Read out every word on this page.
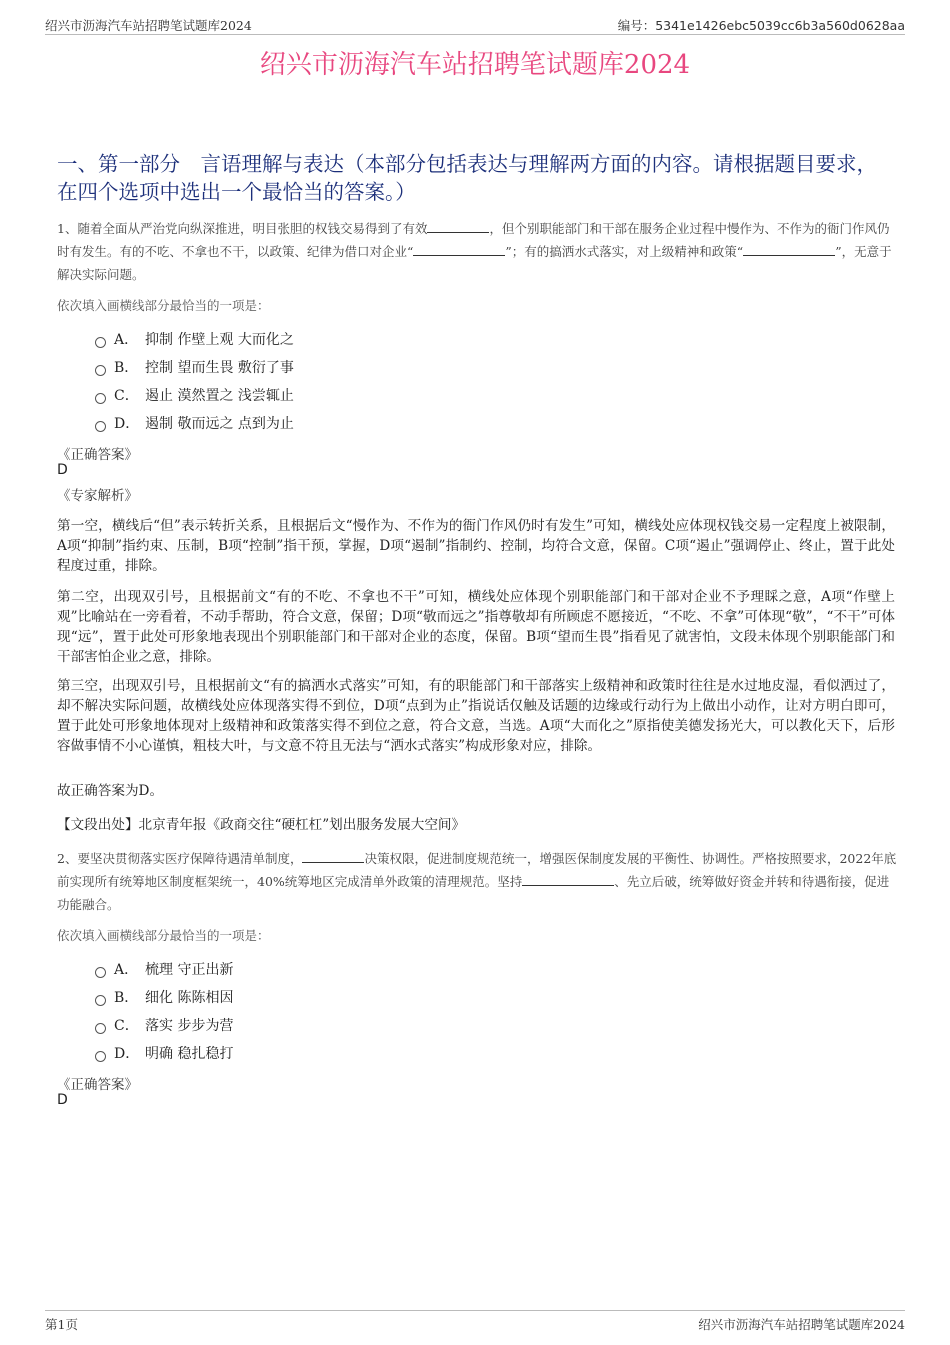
绍兴市沥海汽车站招聘笔试题库2024	编号：5341e1426ebc5039cc6b3a560d0628aa
绍兴市沥海汽车站招聘笔试题库2024
一、第一部分　言语理解与表达（本部分包括表达与理解两方面的内容。请根据题目要求，在四个选项中选出一个最恰当的答案。）

1、随着全面从严治党向纵深推进，明目张胆的权钱交易得到了有效	，但个别职能部门和干部在服务企业过程中慢作为、不作为的衙门作风仍时有发生。有的不吃、不拿也不干，以政策、纪律为借口对企业“	”；有的搞洒水式落实，对上级精神和政策“	”，无意于解决实际问题。

依次填入画横线部分最恰当的一项是：
A． 抑制 作壁上观 大而化之
B． 控制 望而生畏 敷衍了事
C． 遏止 漠然置之 浅尝辄止
D． 遏制 敬而远之 点到为止
《正确答案》
D
《专家解析》

第一空，横线后“但”表示转折关系，且根据后文“慢作为、不作为的衙门作风仍时有发生”可知，横线处应体现权钱交易一定程度上被限制，A项“抑制”指约束、压制，B项“控制”指干预，掌握，D项“遏制”指制约、控制，均符合文意，保留。C项“遏止”强调停止、终止，置于此处程度过重，排除。

第二空，出现双引号，且根据前文“有的不吃、不拿也不干”可知，横线处应体现个别职能部门和干部对企业不予理睬之意，A项“作壁上观”比喻站在一旁看着，不动手帮助，符合文意，保留；D项“敬而远之”指尊敬却有所顾虑不愿接近，“不吃、不拿”可体现“敬”，“不干”可体现“远”，置于此处可形象地表现出个别职能部门和干部对企业的态度，保留。B项“望而生畏”指看见了就害怕，文段未体现个别职能部门和干部害怕企业之意，排除。

第三空，出现双引号，且根据前文“有的搞洒水式落实”可知，有的职能部门和干部落实上级精神和政策时往往是水过地皮湿，看似洒过了，却不解决实际问题，故横线处应体现落实得不到位，D项“点到为止”指说话仅触及话题的边缘或行动行为上做出小动作，让对方明白即可，置于此处可形象地体现对上级精神和政策落实得不到位之意，符合文意，当选。A项“大而化之”原指使美德发扬光大，可以教化天下，后形容做事情不小心谨慎，粗枝大叶，与文意不符且无法与“洒水式落实”构成形象对应，排除。

故正确答案为D。

【文段出处】北京青年报《政商交往“硬杠杠”划出服务发展大空间》

2、要坚决贯彻落实医疗保障待遇清单制度，	决策权限，促进制度规范统一，增强医保制度发展的平衡性、协调性。严格按照要求，2022年底前实现所有统筹地区制度框架统一，40%统筹地区完成清单外政策的清理规范。坚持	、先立后破，统筹做好资金并转和待遇衔接，促进功能融合。

依次填入画横线部分最恰当的一项是：
A． 梳理 守正出新
B． 细化 陈陈相因
C． 落实 步步为营
D． 明确 稳扎稳打
《正确答案》
D
第1页	绍兴市沥海汽车站招聘笔试题库2024
